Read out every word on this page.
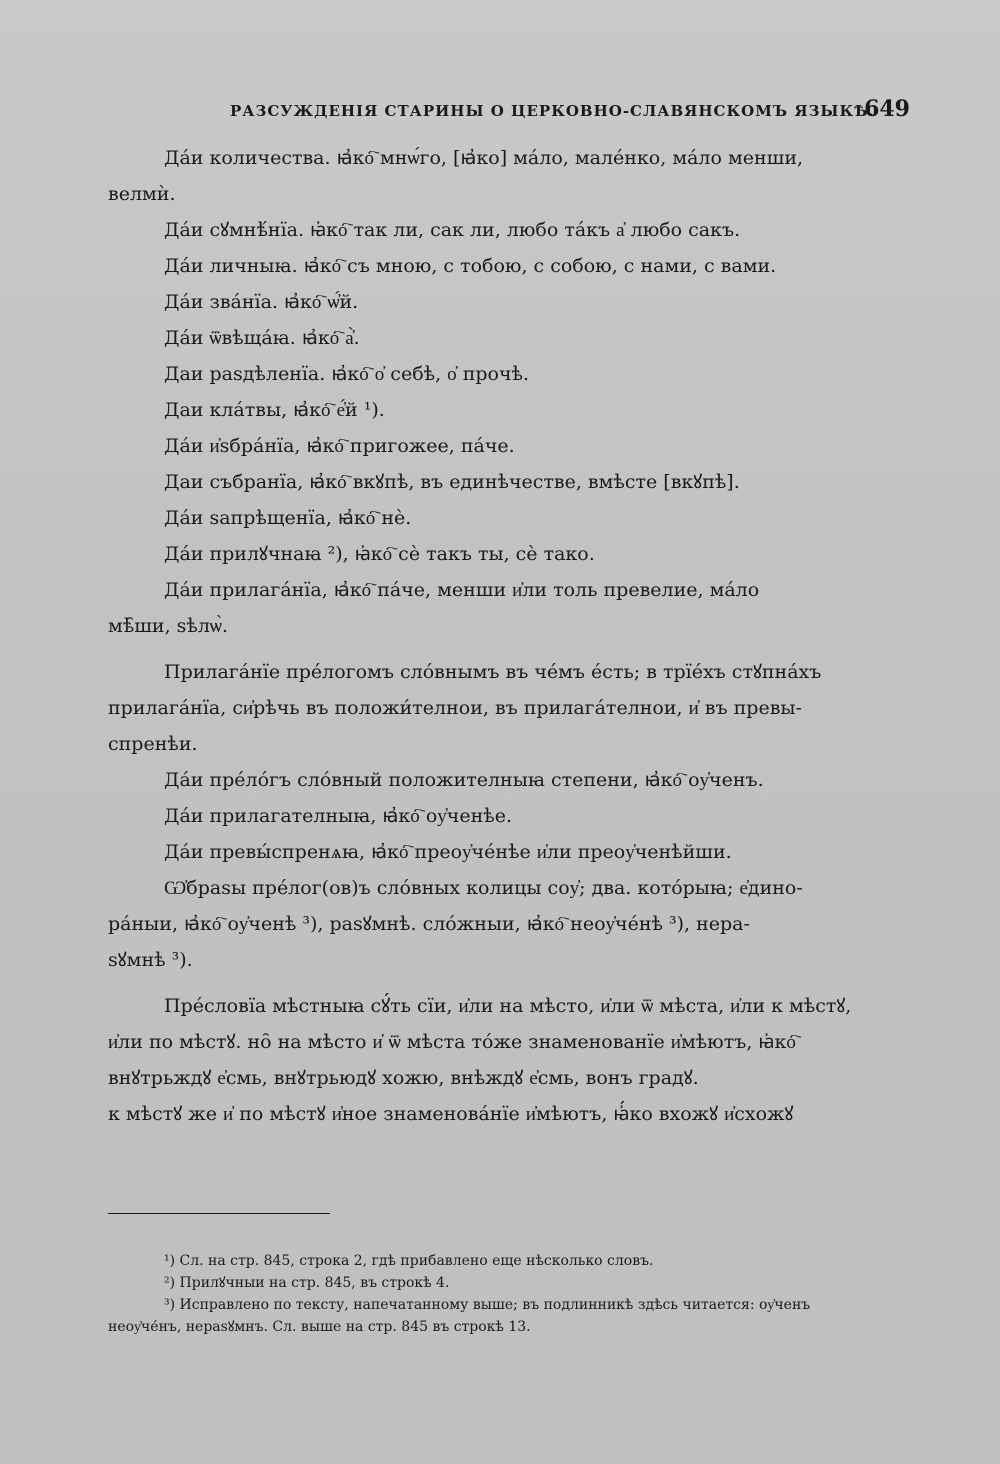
РАЗСУЖДЕНІЯ СТАРИНЫ О ЦЕРКОВНО-СЛАВЯНСКОМЪ ЯЗЫКѢ.
649

Да́и количества. ꙗ҆ко҇ мнѡ́го, [ꙗ҆ко] ма́ло, мале́нко, ма́ло менши,

велмѝ.

Да́и сꙋмнѣ́нїа. ꙗ҆ко҇ так ли, сак ли, любо та́къ а҆ любо сакъ.

Да́и личныꙗ. ꙗ҆ко҇ съ мною, с тобою, с собою, с нами, с вами.

Да́и зва́нїа. ꙗ҆ко҇ ѡ҆́й.

Да́и ѿвѣща́ꙗ. ꙗ҆ко҇ а҆̀.

Даи раѕдѣленїа. ꙗ҆ко҇ о҆ себѣ, о҆ прочѣ.

Даи кла́твы, ꙗ҆ко҇ е҆́й ¹).

Да́и и҆ѕбра́нїа, ꙗ҆ко҇ пригожее, па́че.

Даи събранїа, ꙗ҆ко҇ вкꙋпѣ, въ единѣчестве, вмѣсте [вкꙋпѣ].

Да́и ѕапрѣщенїа, ꙗ҆ко҇ нѐ.

Да́и прилꙋчнаꙗ ²), ꙗ҆ко҇ сѐ такъ ты, сѐ тако.

Да́и прилага́нїа, ꙗ҆ко҇ па́че, менши и҆ли толь превелие, ма́ло

мѣ̑ши, ѕѣлѡ̀.

Прилага́нїе пре́логомъ сло́внымъ въ че́мъ е́сть; в трїе́хъ стꙋпна́хъ

прилага́нїа, си҆рѣчь въ положи́телнои, въ прилага́телнои, и҆ въ превы-

спренѣи.

Да́и пре́ло́гъ сло́вный положителныꙗ степени, ꙗ҆ко҇ оу҆ченъ.

Да́и прилагателныꙗ, ꙗ҆ко҇ оу҆ченѣе.

Да́и превы́спренѧꙗ, ꙗ҆ко҇ преоу҆че́нѣе и҆ли преоу҆ченѣйши.

Ѡ҆браѕы пре́лог(ов)ъ сло́вных колицы соу҆; два. кото́рыꙗ; е҆дино-

ра́ныи, ꙗ҆ко҇ оу҆ченѣ ³), раѕꙋмнѣ. сло́жныи, ꙗ҆ко҇ неоу҆че́нѣ ³), нера-

ѕꙋмнѣ ³).

Пре́словїа мѣстныꙗ сꙋ́ть сїи, и҆ли на мѣсто, и҆ли ѿ мѣста, и҆ли к мѣстꙋ,

и҆ли по мѣстꙋ. но̑ на мѣсто и҆ ѿ мѣста то́же знаменованїе и҆мѣютъ, ꙗ҆ко҇

внꙋтрьждꙋ е҆смь, внꙋтрьюдꙋ хожю, внѣждꙋ е҆смь, вонъ градꙋ.

к мѣстꙋ же и҆ по мѣстꙋ и҆ное знаменова́нїе и҆мѣютъ, ꙗ҆́ко вхожꙋ и҆схожꙋ

¹) Сл. на стр. 845, строка 2, гдѣ прибавлено еще нѣсколько словъ.

²) Прилꙋчныи на стр. 845, въ строкѣ 4.

³) Исправлено по тексту, напечатанному выше; въ подлинникѣ здѣсь читается: оу҆ченъ

неоу҆че́нъ, нераѕꙋмнъ. Сл. выше на стр. 845 въ строкѣ 13.
